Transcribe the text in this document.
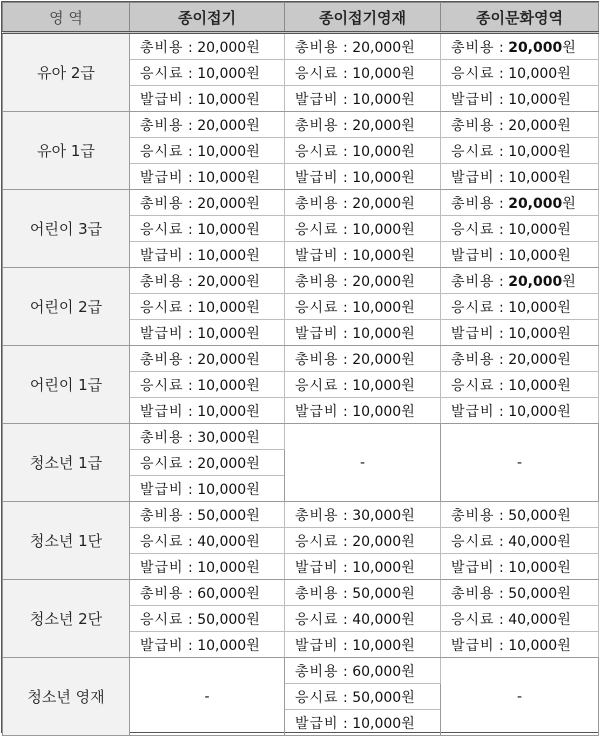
영 역	종이접기	종이접기영재	종이문화영역
유아 2급	총비용 : 20,000원	총비용 : 20,000원	총비용 : 20,000원
	응시료 : 10,000원	응시료 : 10,000원	응시료 : 10,000원
	발급비 : 10,000원	발급비 : 10,000원	발급비 : 10,000원
유아 1급	총비용 : 20,000원	총비용 : 20,000원	총비용 : 20,000원
	응시료 : 10,000원	응시료 : 10,000원	응시료 : 10,000원
	발급비 : 10,000원	발급비 : 10,000원	발급비 : 10,000원
어린이 3급	총비용 : 20,000원	총비용 : 20,000원	총비용 : 20,000원
	응시료 : 10,000원	응시료 : 10,000원	응시료 : 10,000원
	발급비 : 10,000원	발급비 : 10,000원	발급비 : 10,000원
어린이 2급	총비용 : 20,000원	총비용 : 20,000원	총비용 : 20,000원
	응시료 : 10,000원	응시료 : 10,000원	응시료 : 10,000원
	발급비 : 10,000원	발급비 : 10,000원	발급비 : 10,000원
어린이 1급	총비용 : 20,000원	총비용 : 20,000원	총비용 : 20,000원
	응시료 : 10,000원	응시료 : 10,000원	응시료 : 10,000원
	발급비 : 10,000원	발급비 : 10,000원	발급비 : 10,000원
청소년 1급	총비용 : 30,000원	-	-
	응시료 : 20,000원		
	발급비 : 10,000원		
청소년 1단	총비용 : 50,000원	총비용 : 30,000원	총비용 : 50,000원
	응시료 : 40,000원	응시료 : 20,000원	응시료 : 40,000원
	발급비 : 10,000원	발급비 : 10,000원	발급비 : 10,000원
청소년 2단	총비용 : 60,000원	총비용 : 50,000원	총비용 : 50,000원
	응시료 : 50,000원	응시료 : 40,000원	응시료 : 40,000원
	발급비 : 10,000원	발급비 : 10,000원	발급비 : 10,000원
청소년 영재	-	총비용 : 60,000원	-
		응시료 : 50,000원	
		발급비 : 10,000원	
